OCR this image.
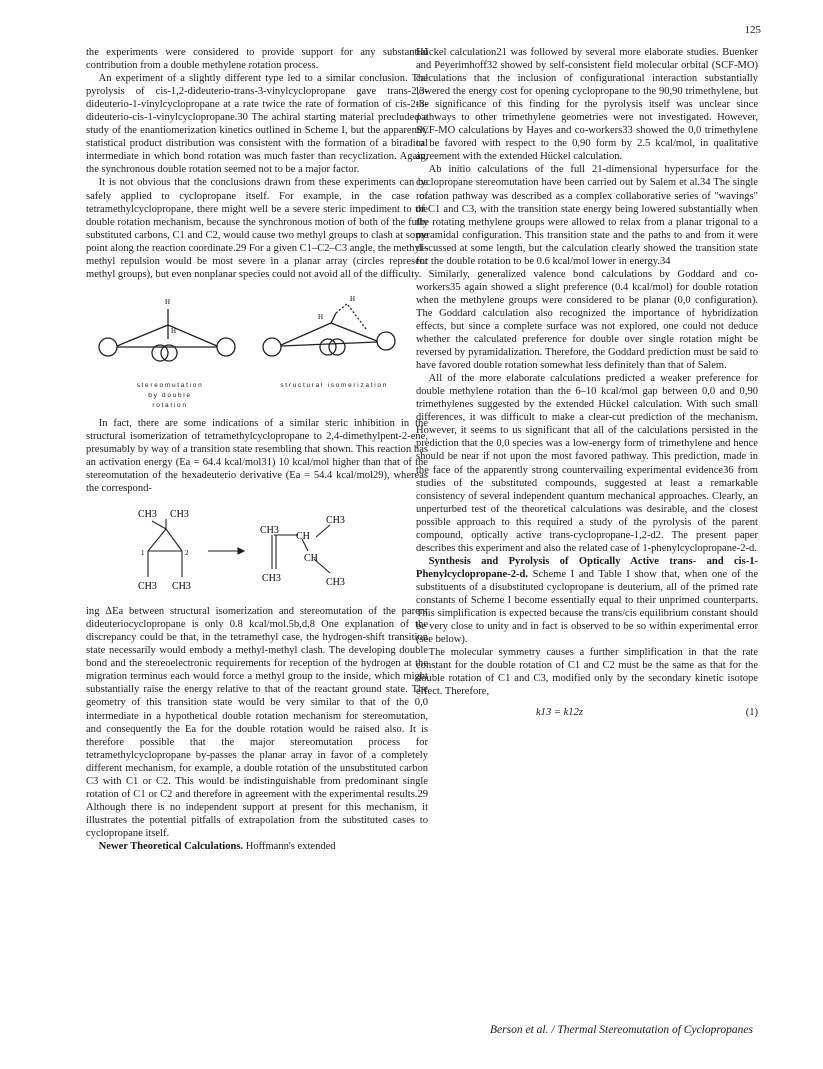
125

the experiments were considered to provide support for any substantial contribution from a double methylene rotation process.

An experiment of a slightly different type led to a similar conclusion. The pyrolysis of cis-1,2-dideuterio-trans-3-vinylcyclopropane gave trans-2,3-dideuterio-1-vinylcyclopropane at a rate twice the rate of formation of cis-2-3-dideuterio-cis-1-vinylcyclopropane.30 The achiral starting material precluded a study of the enantiomerization kinetics outlined in Scheme I, but the apparently statistical product distribution was consistent with the formation of a biradical intermediate in which bond rotation was much faster than recyclization. Again, the synchronous double rotation seemed not to be a major factor.

It is not obvious that the conclusions drawn from these experiments can be safely applied to cyclopropane itself. For example, in the case of tetramethylcyclopropane, there might well be a severe steric impediment to the double rotation mechanism, because the synchronous motion of both of the fully substituted carbons, C1 and C2, would cause two methyl groups to clash at some point along the reaction coordinate.29 For a given C1–C2–C3 angle, the methyl–methyl repulsion would be most severe in a planar array (circles represent methyl groups), but even nonplanar species could not avoid all of the difficulty.

H
H
H
H
stereomutation by double rotation
structural isomerization

In fact, there are some indications of a similar steric inhibition in the structural isomerization of tetramethylcyclopropane to 2,4-dimethylpent-2-ene, presumably by way of a transition state resembling that shown. This reaction has an activation energy (Ea = 64.4 kcal/mol31) 10 kcal/mol higher than that of the stereomutation of the hexadeuterio derivative (Ea = 54.4 kcal/mol29), whereas the correspond-

CH3 CH3
1	2
CH3 CH3
CH3
CH
CH3
CH
CH3	CH3

ing ΔEa between structural isomerization and stereomutation of the parent dideuteriocyclopropane is only 0.8 kcal/mol.5b,d,8 One explanation of the discrepancy could be that, in the tetramethyl case, the hydrogen-shift transition state necessarily would embody a methyl-methyl clash. The developing double bond and the stereoelectronic requirements for reception of the hydrogen at the migration terminus each would force a methyl group to the inside, which might substantially raise the energy relative to that of the reactant ground state. The geometry of this transition state would be very similar to that of the 0,0 intermediate in a hypothetical double rotation mechanism for stereomutation, and consequently the Ea for the double rotation would be raised also. It is therefore possible that the major stereomutation process for tetramethylcyclopropane by-passes the planar array in favor of a completely different mechanism, for example, a double rotation of the unsubstituted carbon C3 with C1 or C2. This would be indistinguishable from predominant single rotation of C1 or C2 and therefore in agreement with the experimental results.29 Although there is no independent support at present for this mechanism, it illustrates the potential pitfalls of extrapolation from the substituted cases to cyclopropane itself.

Newer Theoretical Calculations. Hoffmann's extended

Hückel calculation21 was followed by several more elaborate studies. Buenker and Peyerimhoff32 showed by self-consistent field molecular orbital (SCF-MO) calculations that the inclusion of configurational interaction substantially lowered the energy cost for opening cyclopropane to the 90,90 trimethylene, but the significance of this finding for the pyrolysis itself was unclear since pathways to other trimethylene geometries were not investigated. However, SCF-MO calculations by Hayes and co-workers33 showed the 0,0 trimethylene to be favored with respect to the 0,90 form by 2.5 kcal/mol, in qualitative agreement with the extended Hückel calculation.

Ab initio calculations of the full 21-dimensional hypersurface for the cyclopropane stereomutation have been carried out by Salem et al.34 The single rotation pathway was described as a complex collaborative series of "wavings" of C1 and C3, with the transition state energy being lowered substantially when the rotating methylene groups were allowed to relax from a planar trigonal to a pyramidal configuration. This transition state and the paths to and from it were discussed at some length, but the calculation clearly showed the transition state for the double rotation to be 0.6 kcal/mol lower in energy.34

Similarly, generalized valence bond calculations by Goddard and co-workers35 again showed a slight preference (0.4 kcal/mol) for double rotation when the methylene groups were considered to be planar (0,0 configuration). The Goddard calculation also recognized the importance of hybridization effects, but since a complete surface was not explored, one could not deduce whether the calculated preference for double over single rotation might be reversed by pyramidalization. Therefore, the Goddard prediction must be said to have favored double rotation somewhat less definitely than that of Salem.

All of the more elaborate calculations predicted a weaker preference for double methylene rotation than the 6–10 kcal/mol gap between 0,0 and 0,90 trimethylenes suggested by the extended Hückel calculation. With such small differences, it was difficult to make a clear-cut prediction of the mechanism. However, it seems to us significant that all of the calculations persisted in the prediction that the 0,0 species was a low-energy form of trimethylene and hence should be near if not upon the most favored pathway. This prediction, made in the face of the apparently strong countervailing experimental evidence36 from studies of the substituted compounds, suggested at least a remarkable consistency of several independent quantum mechanical approaches. Clearly, an unperturbed test of the theoretical calculations was desirable, and the closest possible approach to this required a study of the pyrolysis of the parent compound, optically active trans-cyclopropane-1,2-d2. The present paper describes this experiment and also the related case of 1-phenylcyclopropane-2-d.

Synthesis and Pyrolysis of Optically Active trans- and cis-1-Phenylcyclopropane-2-d. Scheme I and Table I show that, when one of the substituents of a disubstituted cyclopropane is deuterium, all of the primed rate constants of Scheme I become essentially equal to their unprimed counterparts. This simplification is expected because the trans/cis equilibrium constant should be very close to unity and in fact is observed to be so within experimental error (see below).

The molecular symmetry causes a further simplification in that the rate constant for the double rotation of C1 and C2 must be the same as that for the double rotation of C1 and C3, modified only by the secondary kinetic isotope effect. Therefore,

k13 = k12z	(1)
Berson et al. / Thermal Stereomutation of Cyclopropanes
